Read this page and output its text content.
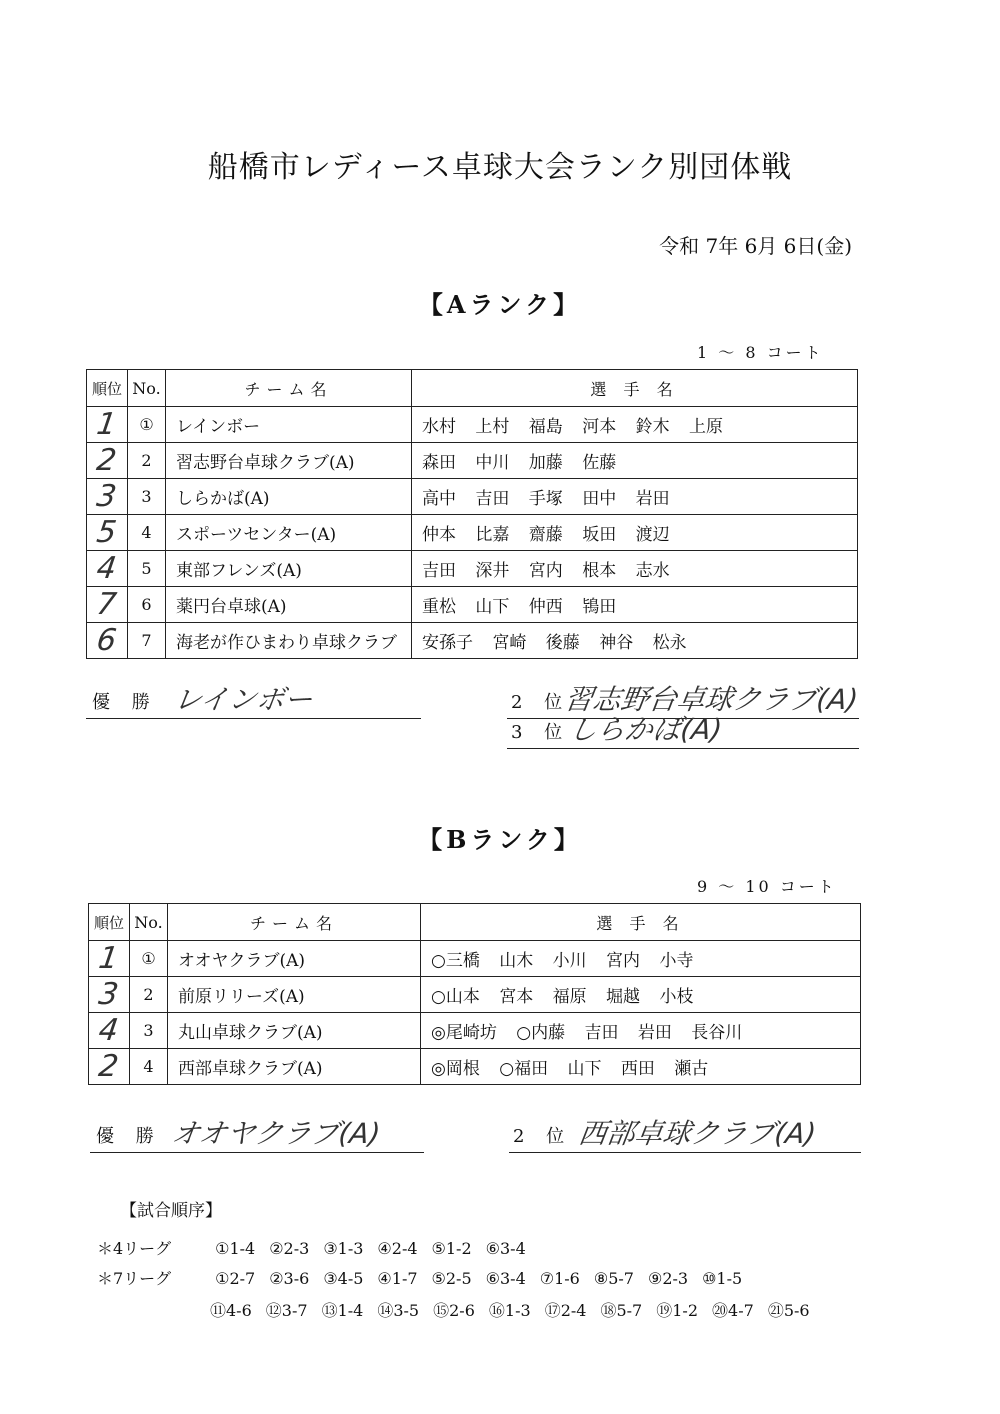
船橋市レディース卓球大会ランク別団体戦
令和 7年 6月 6日(金)
【Aランク】
1 ～ 8 コート
順位	No.	チーム名	選 手 名
1	①	レインボー	水村 上村 福島 河本 鈴木 上原
2	2	習志野台卓球クラブ(A)	森田 中川 加藤 佐藤
3	3	しらかば(A)	高中 吉田 手塚 田中 岩田
5	4	スポーツセンター(A)	仲本 比嘉 齋藤 坂田 渡辺
4	5	東部フレンズ(A)	吉田 深井 宮内 根本 志水
7	6	薬円台卓球(A)	重松 山下 仲西 鴇田
6	7	海老が作ひまわり卓球クラブ	安孫子 宮崎 後藤 神谷 松永
優 勝 レインボー	2 位
習志野台卓球クラブ(A)
3 位
しらかば(A)
【Bランク】
9 ～ 10 コート
順位	No.	チーム名	選 手 名
1	①	オオヤクラブ(A)	○三橋 山木 小川 宮内 小寺
3	2	前原リリーズ(A)	○山本 宮本 福原 堀越 小枝
4	3	丸山卓球クラブ(A)	◎尾崎坊 ○内藤 吉田 岩田 長谷川
2	4	西部卓球クラブ(A)	◎岡根 ○福田 山下 西田 瀬古
優 勝 オオヤクラブ(A)	2 位 西部卓球クラブ(A)
【試合順序】
＊4リーグ	①1-4 ②2-3 ③1-3 ④2-4 ⑤1-2 ⑥3-4
＊7リーグ	①2-7 ②3-6 ③4-5 ④1-7 ⑤2-5 ⑥3-4 ⑦1-6 ⑧5-7 ⑨2-3 ⑩1-5
⑪4-6 ⑫3-7 ⑬1-4 ⑭3-5 ⑮2-6 ⑯1-3 ⑰2-4 ⑱5-7 ⑲1-2 ⑳4-7 ㉑5-6
